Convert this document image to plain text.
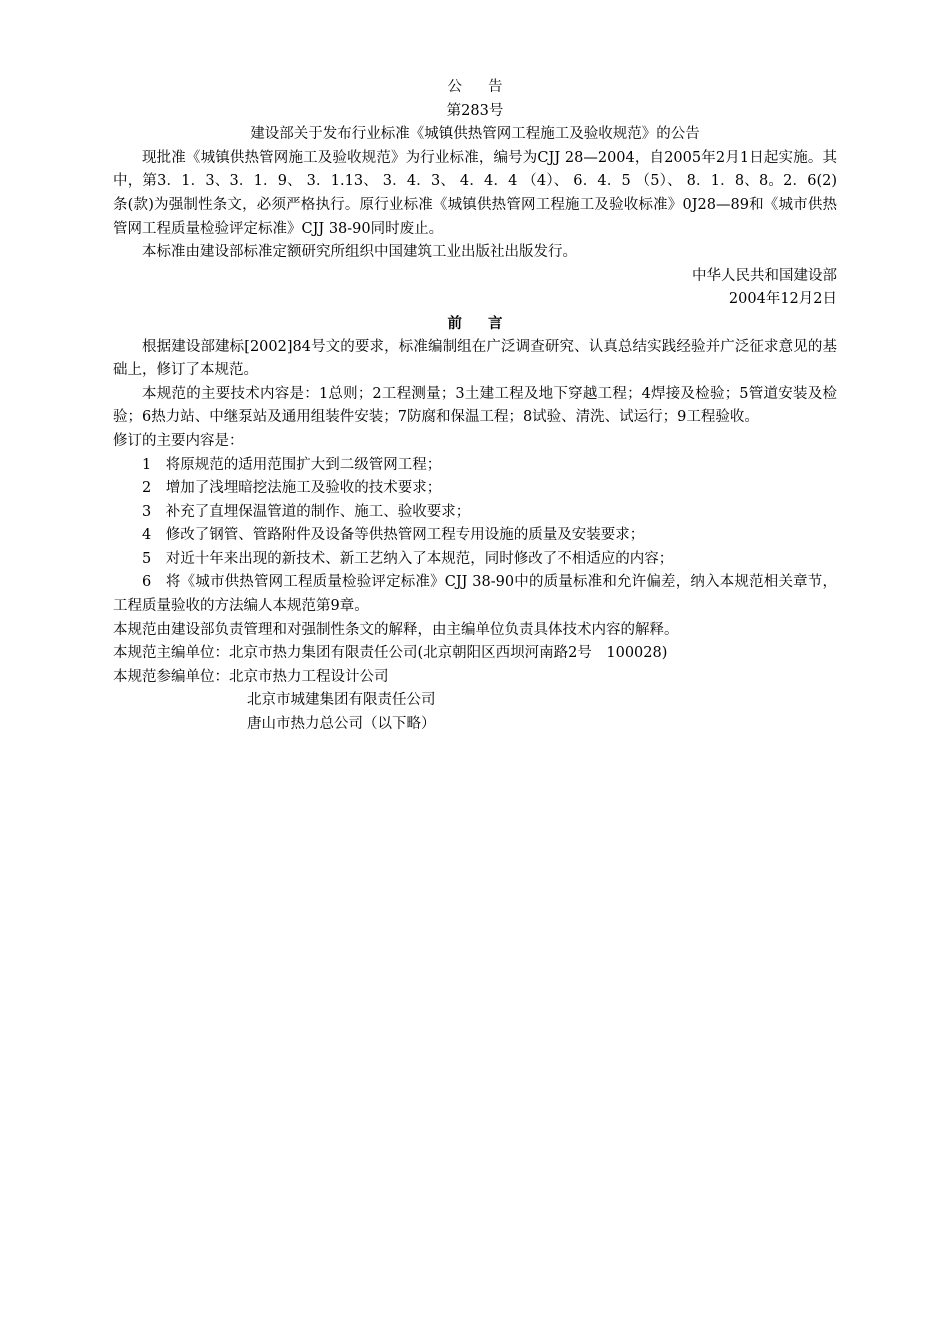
公告
第283号
建设部关于发布行业标准《城镇供热管网工程施工及验收规范》的公告
现批准《城镇供热管网施工及验收规范》为行业标准，编号为CJJ 28—2004，自2005年2月1日起实施。其中，第3．1．3、3．1．9、 3．1.13、 3．4．3、 4．4．4 （4）、 6．4．5 （5）、 8．1．8、8。2．6(2)条(款)为强制性条文，必须严格执行。原行业标准《城镇供热管网工程施工及验收标准》0J28—89和《城市供热管网工程质量检验评定标准》CJJ 38-90同时废止。
本标准由建设部标准定额研究所组织中国建筑工业出版社出版发行。
中华人民共和国建设部
2004年12月2日
前言
根据建设部建标[2002]84号文的要求，标准编制组在广泛调查研究、认真总结实践经验并广泛征求意见的基础上，修订了本规范。
本规范的主要技术内容是：1总则；2工程测量；3土建工程及地下穿越工程；4焊接及检验；5管道安装及检验；6热力站、中继泵站及通用组装件安装；7防腐和保温工程；8试验、清洗、试运行；9工程验收。
修订的主要内容是：
1 将原规范的适用范围扩大到二级管网工程；
2 增加了浅埋暗挖法施工及验收的技术要求；
3 补充了直埋保温管道的制作、施工、验收要求；
4 修改了钢管、管路附件及设备等供热管网工程专用设施的质量及安装要求；
5 对近十年来出现的新技术、新工艺纳入了本规范，同时修改了不相适应的内容；
6 将《城市供热管网工程质量检验评定标准》CJJ 38-90中的质量标准和允许偏差，纳入本规范相关章节，工程质量验收的方法编人本规范第9章。
本规范由建设部负责管理和对强制性条文的解释，由主编单位负责具体技术内容的解释。
本规范主编单位：北京市热力集团有限责任公司(北京朝阳区西坝河南路2号　100028)
本规范参编单位：北京市热力工程设计公司
北京市城建集团有限责任公司
唐山市热力总公司（以下略）
